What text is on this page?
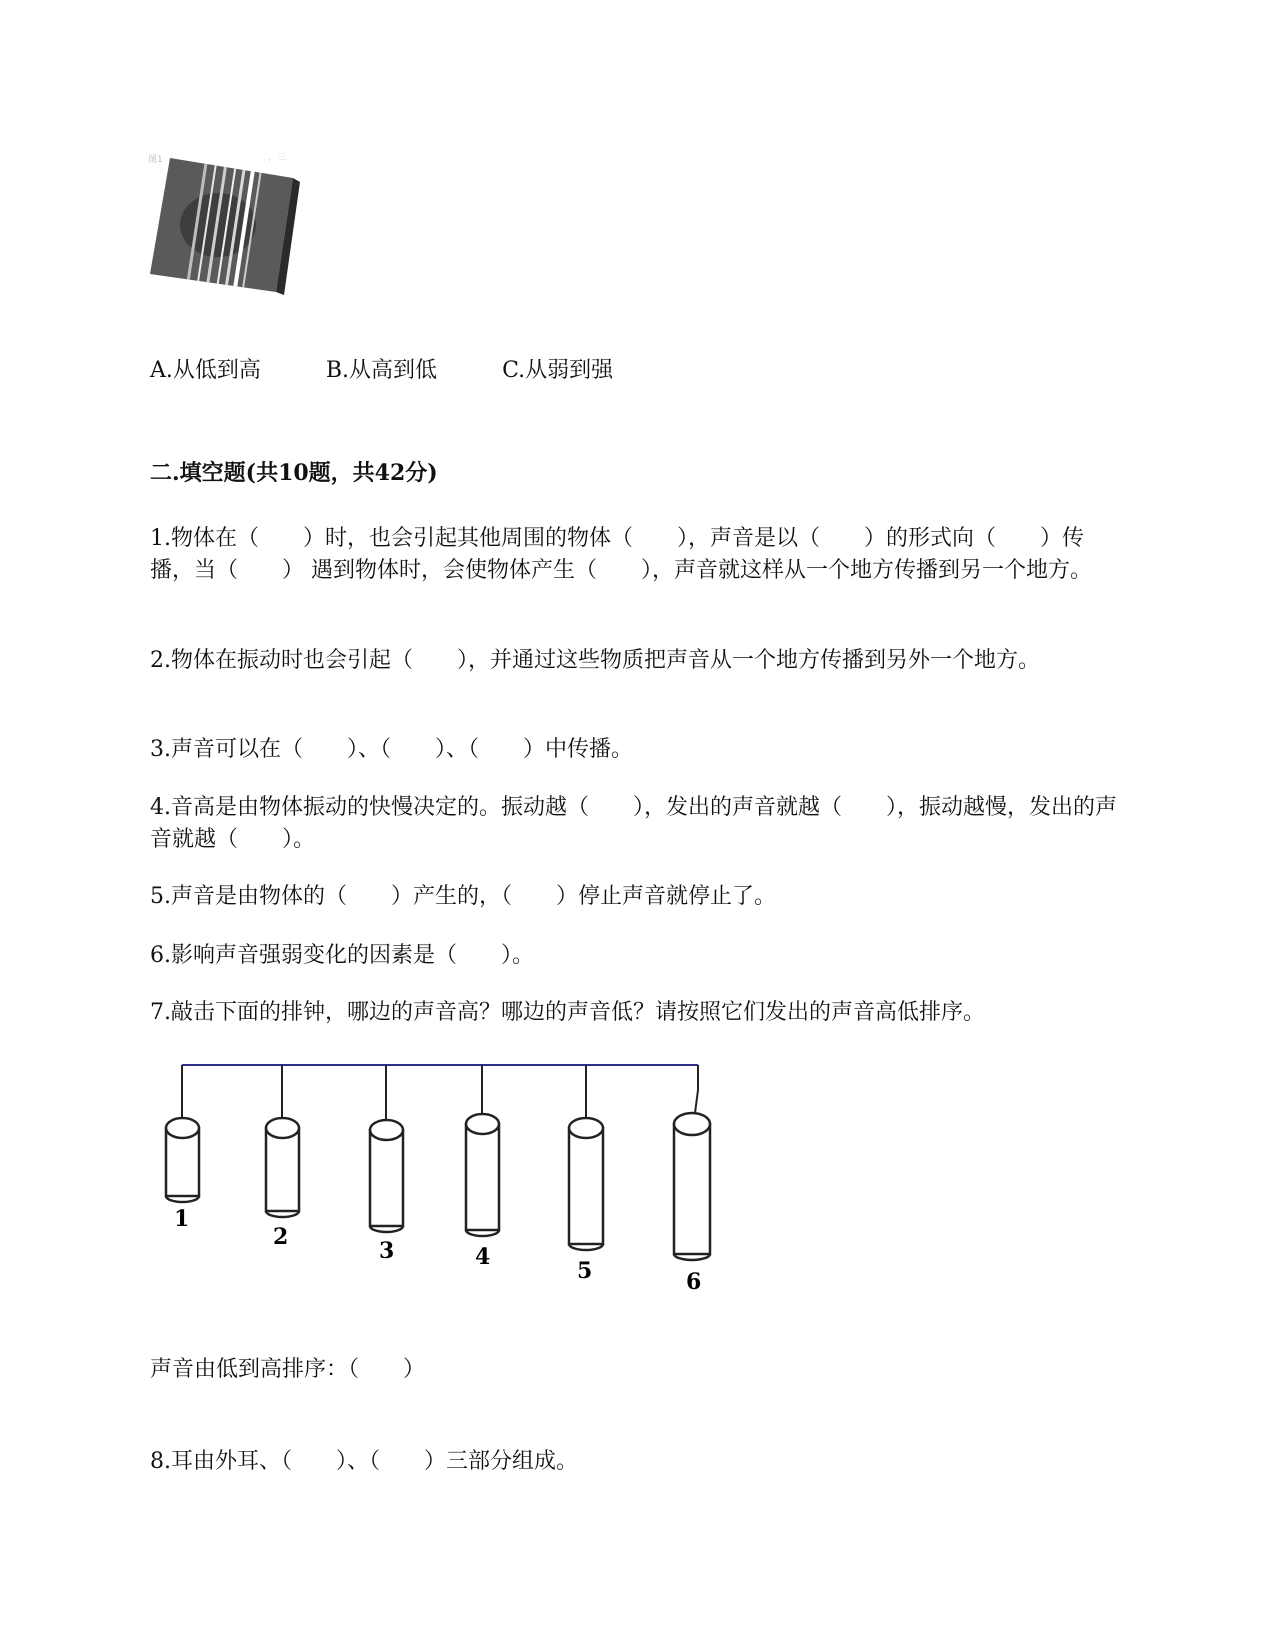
图1	，三
A.从低到高	B.从高到低	C.从弱到强
二.填空题(共10题，共42分)

1.物体在（　　）时，也会引起其他周围的物体（　　），声音是以（　　）的形式向（　　）传播，当（　　） 遇到物体时，会使物体产生（　　），声音就这样从一个地方传播到另一个地方。

2.物体在振动时也会引起（　　），并通过这些物质把声音从一个地方传播到另外一个地方。

3.声音可以在（　　）、（　　）、（　　）中传播。

4.音高是由物体振动的快慢决定的。振动越（　　），发出的声音就越（　　），振动越慢，发出的声音就越（　　）。

5.声音是由物体的（　　）产生的，（　　）停止声音就停止了。

6.影响声音强弱变化的因素是（　　）。

7.敲击下面的排钟，哪边的声音高？哪边的声音低？请按照它们发出的声音高低排序。

1
2
3	4
5	6

声音由低到高排序：（　　）

8.耳由外耳、（　　）、（　　）三部分组成。
